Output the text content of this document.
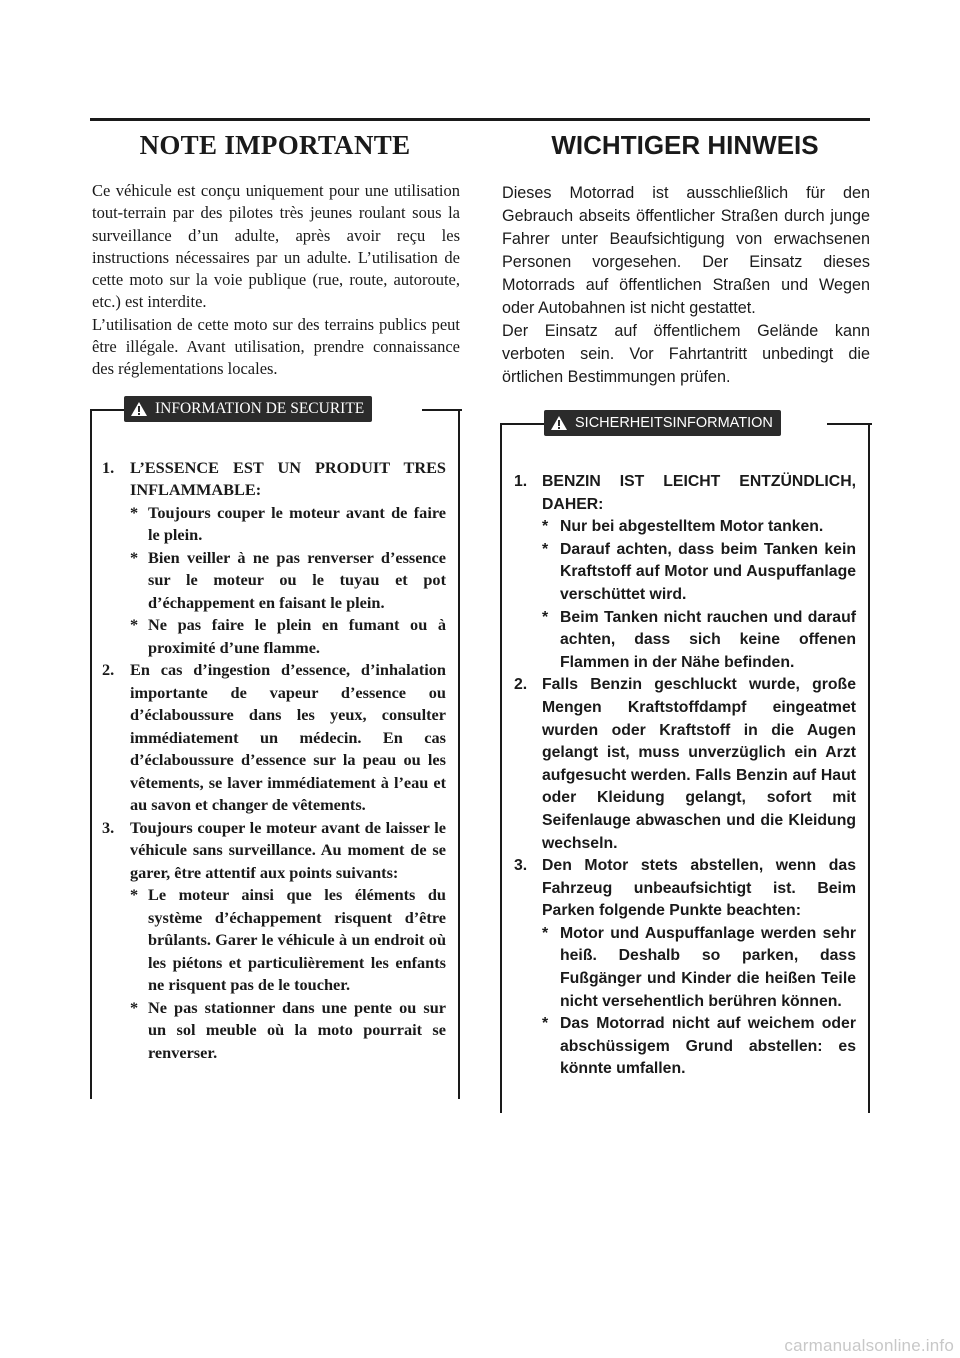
NOTE IMPORTANTE

Ce véhicule est conçu uniquement pour une utilisation tout-terrain par des pilotes très jeunes roulant sous la surveillance d’un adulte, après avoir reçu les instructions nécessaires par un adulte. L’utilisation de cette moto sur la voie publique (rue, route, autoroute, etc.) est interdite.

L’utilisation de cette moto sur des terrains publics peut être illégale. Avant utilisation, prendre connaissance des réglementations locales.

INFORMATION DE SECURITE
1. L’ESSENCE EST UN PRODUIT TRES INFLAMMABLE:
* Toujours couper le moteur avant de faire le plein.
* Bien veiller à ne pas renverser d’essence sur le moteur ou le tuyau et pot d’échappement en faisant le plein.
* Ne pas faire le plein en fumant ou à proximité d’une flamme.
2. En cas d’ingestion d’essence, d’inhalation importante de vapeur d’essence ou d’éclaboussure dans les yeux, consulter immédiatement un médecin. En cas d’éclaboussure d’essence sur la peau ou les vêtements, se laver immédiatement à l’eau et au savon et changer de vêtements.
3. Toujours couper le moteur avant de laisser le véhicule sans surveillance. Au moment de se garer, être attentif aux points suivants:
* Le moteur ainsi que les éléments du système d’échappement risquent d’être brûlants. Garer le véhicule à un endroit où les piétons et particulièrement les enfants ne risquent pas de le toucher.
* Ne pas stationner dans une pente ou sur un sol meuble où la moto pourrait se renverser.
WICHTIGER HINWEIS

Dieses Motorrad ist ausschließlich für den Gebrauch abseits öffentlicher Straßen durch junge Fahrer unter Beaufsichtigung von erwachsenen Personen vorgesehen. Der Einsatz dieses Motorrads auf öffentlichen Straßen und Wegen oder Autobahnen ist nicht gestattet.

Der Einsatz auf öffentlichem Gelände kann verboten sein. Vor Fahrtantritt unbedingt die örtlichen Bestimmungen prüfen.

SICHERHEITSINFORMATION
1. BENZIN IST LEICHT ENTZÜNDLICH, DAHER:
* Nur bei abgestelltem Motor tanken.
* Darauf achten, dass beim Tanken kein Kraftstoff auf Motor und Auspuffanlage verschüttet wird.
* Beim Tanken nicht rauchen und darauf achten, dass sich keine offenen Flammen in der Nähe befinden.
2. Falls Benzin geschluckt wurde, große Mengen Kraftstoffdampf eingeatmet wurden oder Kraftstoff in die Augen gelangt ist, muss unverzüglich ein Arzt aufgesucht werden. Falls Benzin auf Haut oder Kleidung gelangt, sofort mit Seifenlauge abwaschen und die Kleidung wechseln.
3. Den Motor stets abstellen, wenn das Fahrzeug unbeaufsichtigt ist. Beim Parken folgende Punkte beachten:
* Motor und Auspuffanlage werden sehr heiß. Deshalb so parken, dass Fußgänger und Kinder die heißen Teile nicht versehentlich berühren können.
* Das Motorrad nicht auf weichem oder abschüssigem Grund abstellen: es könnte umfallen.
carmanualsonline.info
